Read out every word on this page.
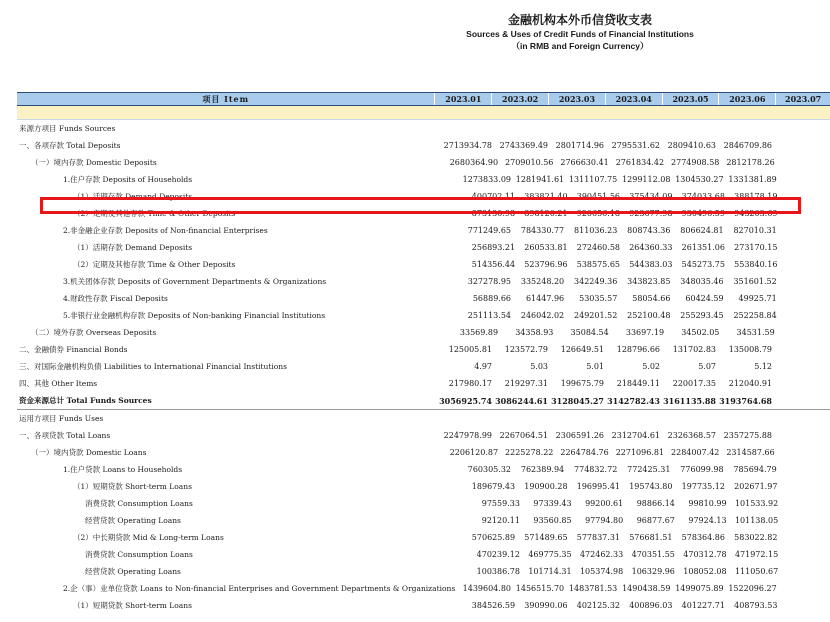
金融机构本外币信贷收支表
Sources & Uses of Credit Funds of Financial Institutions
（in RMB and Foreign Currency）
项目 Item	2023.01	2023.02	2023.03	2023.04	2023.05	2023.06	2023.07
来源方项目 Funds Sources
一、各项存款 Total Deposits	2713934.78 2743369.49 2801714.96 2795531.62 2809410.63 2846709.86
（一）境内存款 Domestic Deposits	2680364.90 2709010.56 2766630.41 2761834.42 2774908.58 2812178.26
1.住户存款 Deposits of Households	1273833.09 1281941.61 1311107.75 1299112.08 1304530.27 1331381.89
（1）活期存款 Demand Deposits	400702.11	383821.40	390451.56	375434.09	374033.68	388178.19
（2）定期及其他存款 Time & Other Deposits	873130.98	898120.21	920656.18	923677.98	930496.59	943203.69
2.非金融企业存款 Deposits of Non-financial Enterprises	771249.65	784330.77	811036.23	808743.36	806624.81	827010.31
（1）活期存款 Demand Deposits	256893.21	260533.81	272460.58	264360.33	261351.06	273170.15
（2）定期及其他存款 Time & Other Deposits	514356.44	523796.96	538575.65	544383.03	545273.75	553840.16
3.机关团体存款 Deposits of Government Departments & Organizations	327278.95	335248.20	342249.36	343823.85	348035.46	351601.52
4.财政性存款 Fiscal Deposits	56889.66	61447.96	53035.57	58054.66	60424.59	49925.71
5.非银行业金融机构存款 Deposits of Non-banking Financial Institutions	251113.54	246042.02	249201.52	252100.48	255293.45	252258.84
（二）境外存款 Overseas Deposits	33569.89	34358.93	35084.54	33697.19	34502.05	34531.59
二、金融债券 Financial Bonds	125005.81	123572.79	126649.51	128796.66	131702.83	135008.79
三、对国际金融机构负债 Liabilities to International Financial Institutions	4.97	5.03	5.01	5.02	5.07	5.12
四、其他 Other Items	217980.17	219297.31	199675.79	218449.11	220017.35	212040.91
资金来源总计 Total Funds Sources	3056925.74 3086244.61 3128045.27 3142782.43 3161135.88 3193764.68
运用方项目 Funds Uses
一、各项贷款 Total Loans	2247978.99 2267064.51 2306591.26 2312704.61 2326368.57 2357275.88
（一）境内贷款 Domestic Loans	2206120.87 2225278.22 2264784.76 2271096.81 2284007.42 2314587.66
1.住户贷款 Loans to Households	760305.32	762389.94	774832.72	772425.31	776099.98	785694.79
（1）短期贷款 Short-term Loans	189679.43	190900.28	196995.41	195743.80	197735.12	202671.97
消费贷款 Consumption Loans	97559.33	97339.43	99200.61	98866.14	99810.99	101533.92
经营贷款 Operating Loans	92120.11	93560.85	97794.80	96877.67	97924.13	101138.05
（2）中长期贷款 Mid & Long-term Loans	570625.89	571489.65	577837.31	576681.51	578364.86	583022.82
消费贷款 Consumption Loans	470239.12	469775.35	472462.33	470351.55	470312.78	471972.15
经营贷款 Operating Loans	100386.78	101714.31	105374.98	106329.96	108052.08	111050.67
2.企（事）业单位贷款 Loans to Non-financial Enterprises and Government Departments & Organizations 1439604.80 1456515.70 1483781.53 1490438.59 1499075.89 1522096.27
（1）短期贷款 Short-term Loans	384526.59	390990.06	402125.32	400896.03	401227.71	408793.53
